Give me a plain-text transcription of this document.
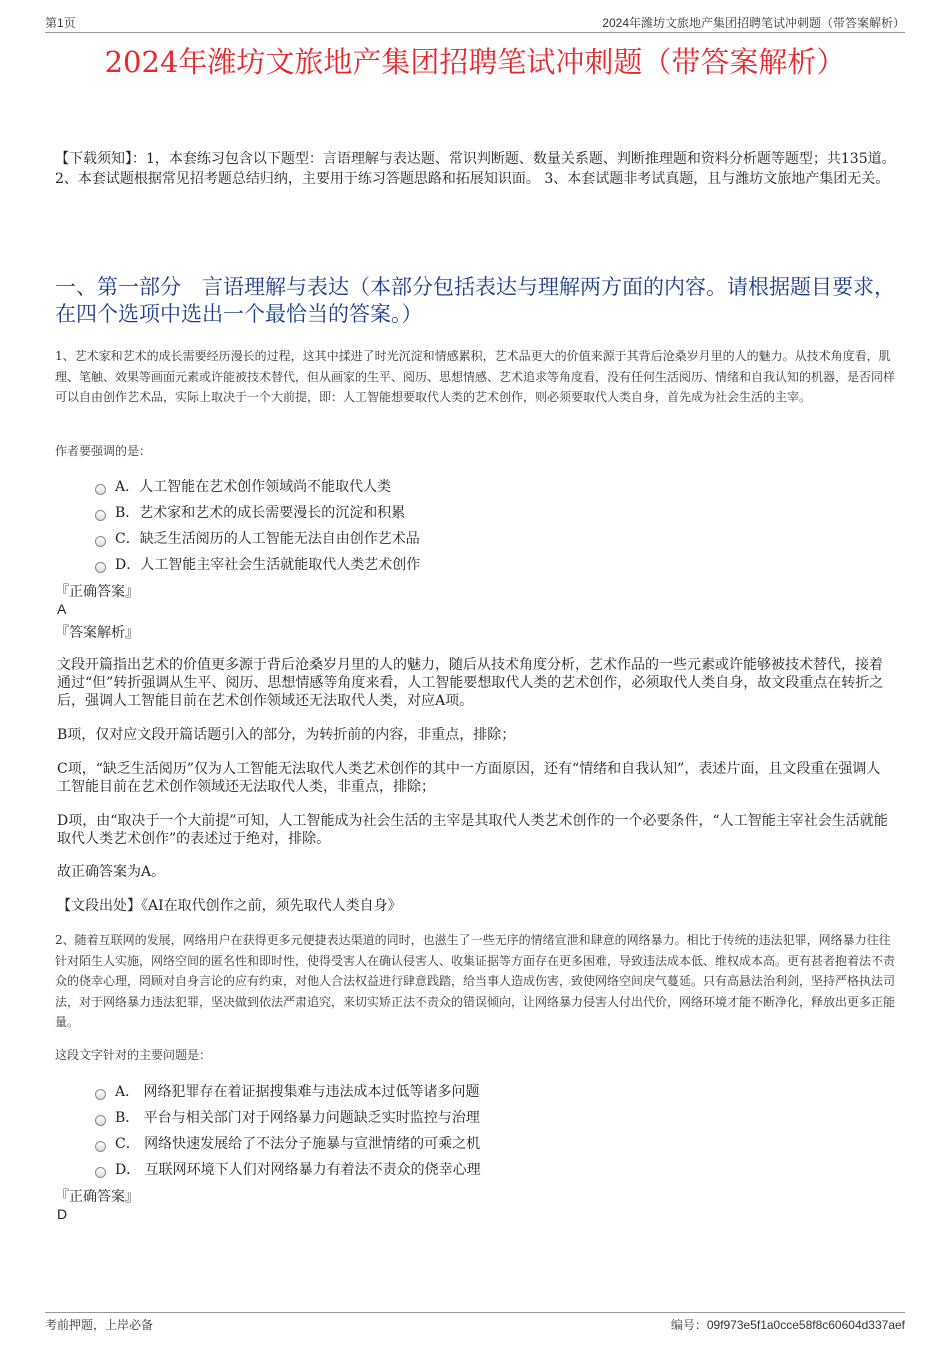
第1页	2024年潍坊文旅地产集团招聘笔试冲刺题（带答案解析）
2024年潍坊文旅地产集团招聘笔试冲刺题（带答案解析）
【下载须知】：1，本套练习包含以下题型：言语理解与表达题、常识判断题、数量关系题、判断推理题和资料分析题等题型；共135道。 2、本套试题根据常见招考题总结归纳，主要用于练习答题思路和拓展知识面。 3、本套试题非考试真题，且与潍坊文旅地产集团无关。
一、第一部分　言语理解与表达（本部分包括表达与理解两方面的内容。请根据题目要求，在四个选项中选出一个最恰当的答案。）
1、艺术家和艺术的成长需要经历漫长的过程，这其中揉进了时光沉淀和情感累积，艺术品更大的价值来源于其背后沧桑岁月里的人的魅力。从技术角度看，肌理、笔触、效果等画面元素或许能被技术替代，但从画家的生平、阅历、思想情感、艺术追求等角度看，没有任何生活阅历、情绪和自我认知的机器，是否同样可以自由创作艺术品，实际上取决于一个大前提，即：人工智能想要取代人类的艺术创作，则必须要取代人类自身，首先成为社会生活的主宰。
作者要强调的是：
A．人工智能在艺术创作领域尚不能取代人类
B．艺术家和艺术的成长需要漫长的沉淀和积累
C．缺乏生活阅历的人工智能无法自由创作艺术品
D．人工智能主宰社会生活就能取代人类艺术创作
『正确答案』
A
『答案解析』
文段开篇指出艺术的价值更多源于背后沧桑岁月里的人的魅力，随后从技术角度分析，艺术作品的一些元素或许能够被技术替代，接着通过“但”转折强调从生平、阅历、思想情感等角度来看，人工智能要想取代人类的艺术创作，必须取代人类自身，故文段重点在转折之后，强调人工智能目前在艺术创作领域还无法取代人类，对应A项。
B项，仅对应文段开篇话题引入的部分，为转折前的内容，非重点，排除；
C项，“缺乏生活阅历”仅为人工智能无法取代人类艺术创作的其中一方面原因，还有“情绪和自我认知”，表述片面，且文段重在强调人工智能目前在艺术创作领域还无法取代人类，非重点，排除；
D项，由“取决于一个大前提”可知，人工智能成为社会生活的主宰是其取代人类艺术创作的一个必要条件，“人工智能主宰社会生活就能取代人类艺术创作”的表述过于绝对，排除。
故正确答案为A。
【文段出处】《AI在取代创作之前，须先取代人类自身》
2、随着互联网的发展，网络用户在获得更多元便捷表达渠道的同时，也滋生了一些无序的情绪宣泄和肆意的网络暴力。相比于传统的违法犯罪，网络暴力往往针对陌生人实施，网络空间的匿名性和即时性，使得受害人在确认侵害人、收集证据等方面存在更多困难，导致违法成本低、维权成本高。更有甚者抱着法不责众的侥幸心理，罔顾对自身言论的应有约束，对他人合法权益进行肆意践踏，给当事人造成伤害，致使网络空间戾气蔓延。只有高悬法治利剑，坚持严格执法司法，对于网络暴力违法犯罪，坚决做到依法严肃追究，来切实矫正法不责众的错误倾向，让网络暴力侵害人付出代价，网络环境才能不断净化，释放出更多正能量。
这段文字针对的主要问题是：
A． 网络犯罪存在着证据搜集难与违法成本过低等诸多问题
B． 平台与相关部门对于网络暴力问题缺乏实时监控与治理
C． 网络快速发展给了不法分子施暴与宣泄情绪的可乘之机
D． 互联网环境下人们对网络暴力有着法不责众的侥幸心理
『正确答案』
D
考前押题，上岸必备	编号：09f973e5f1a0cce58f8c60604d337aef
